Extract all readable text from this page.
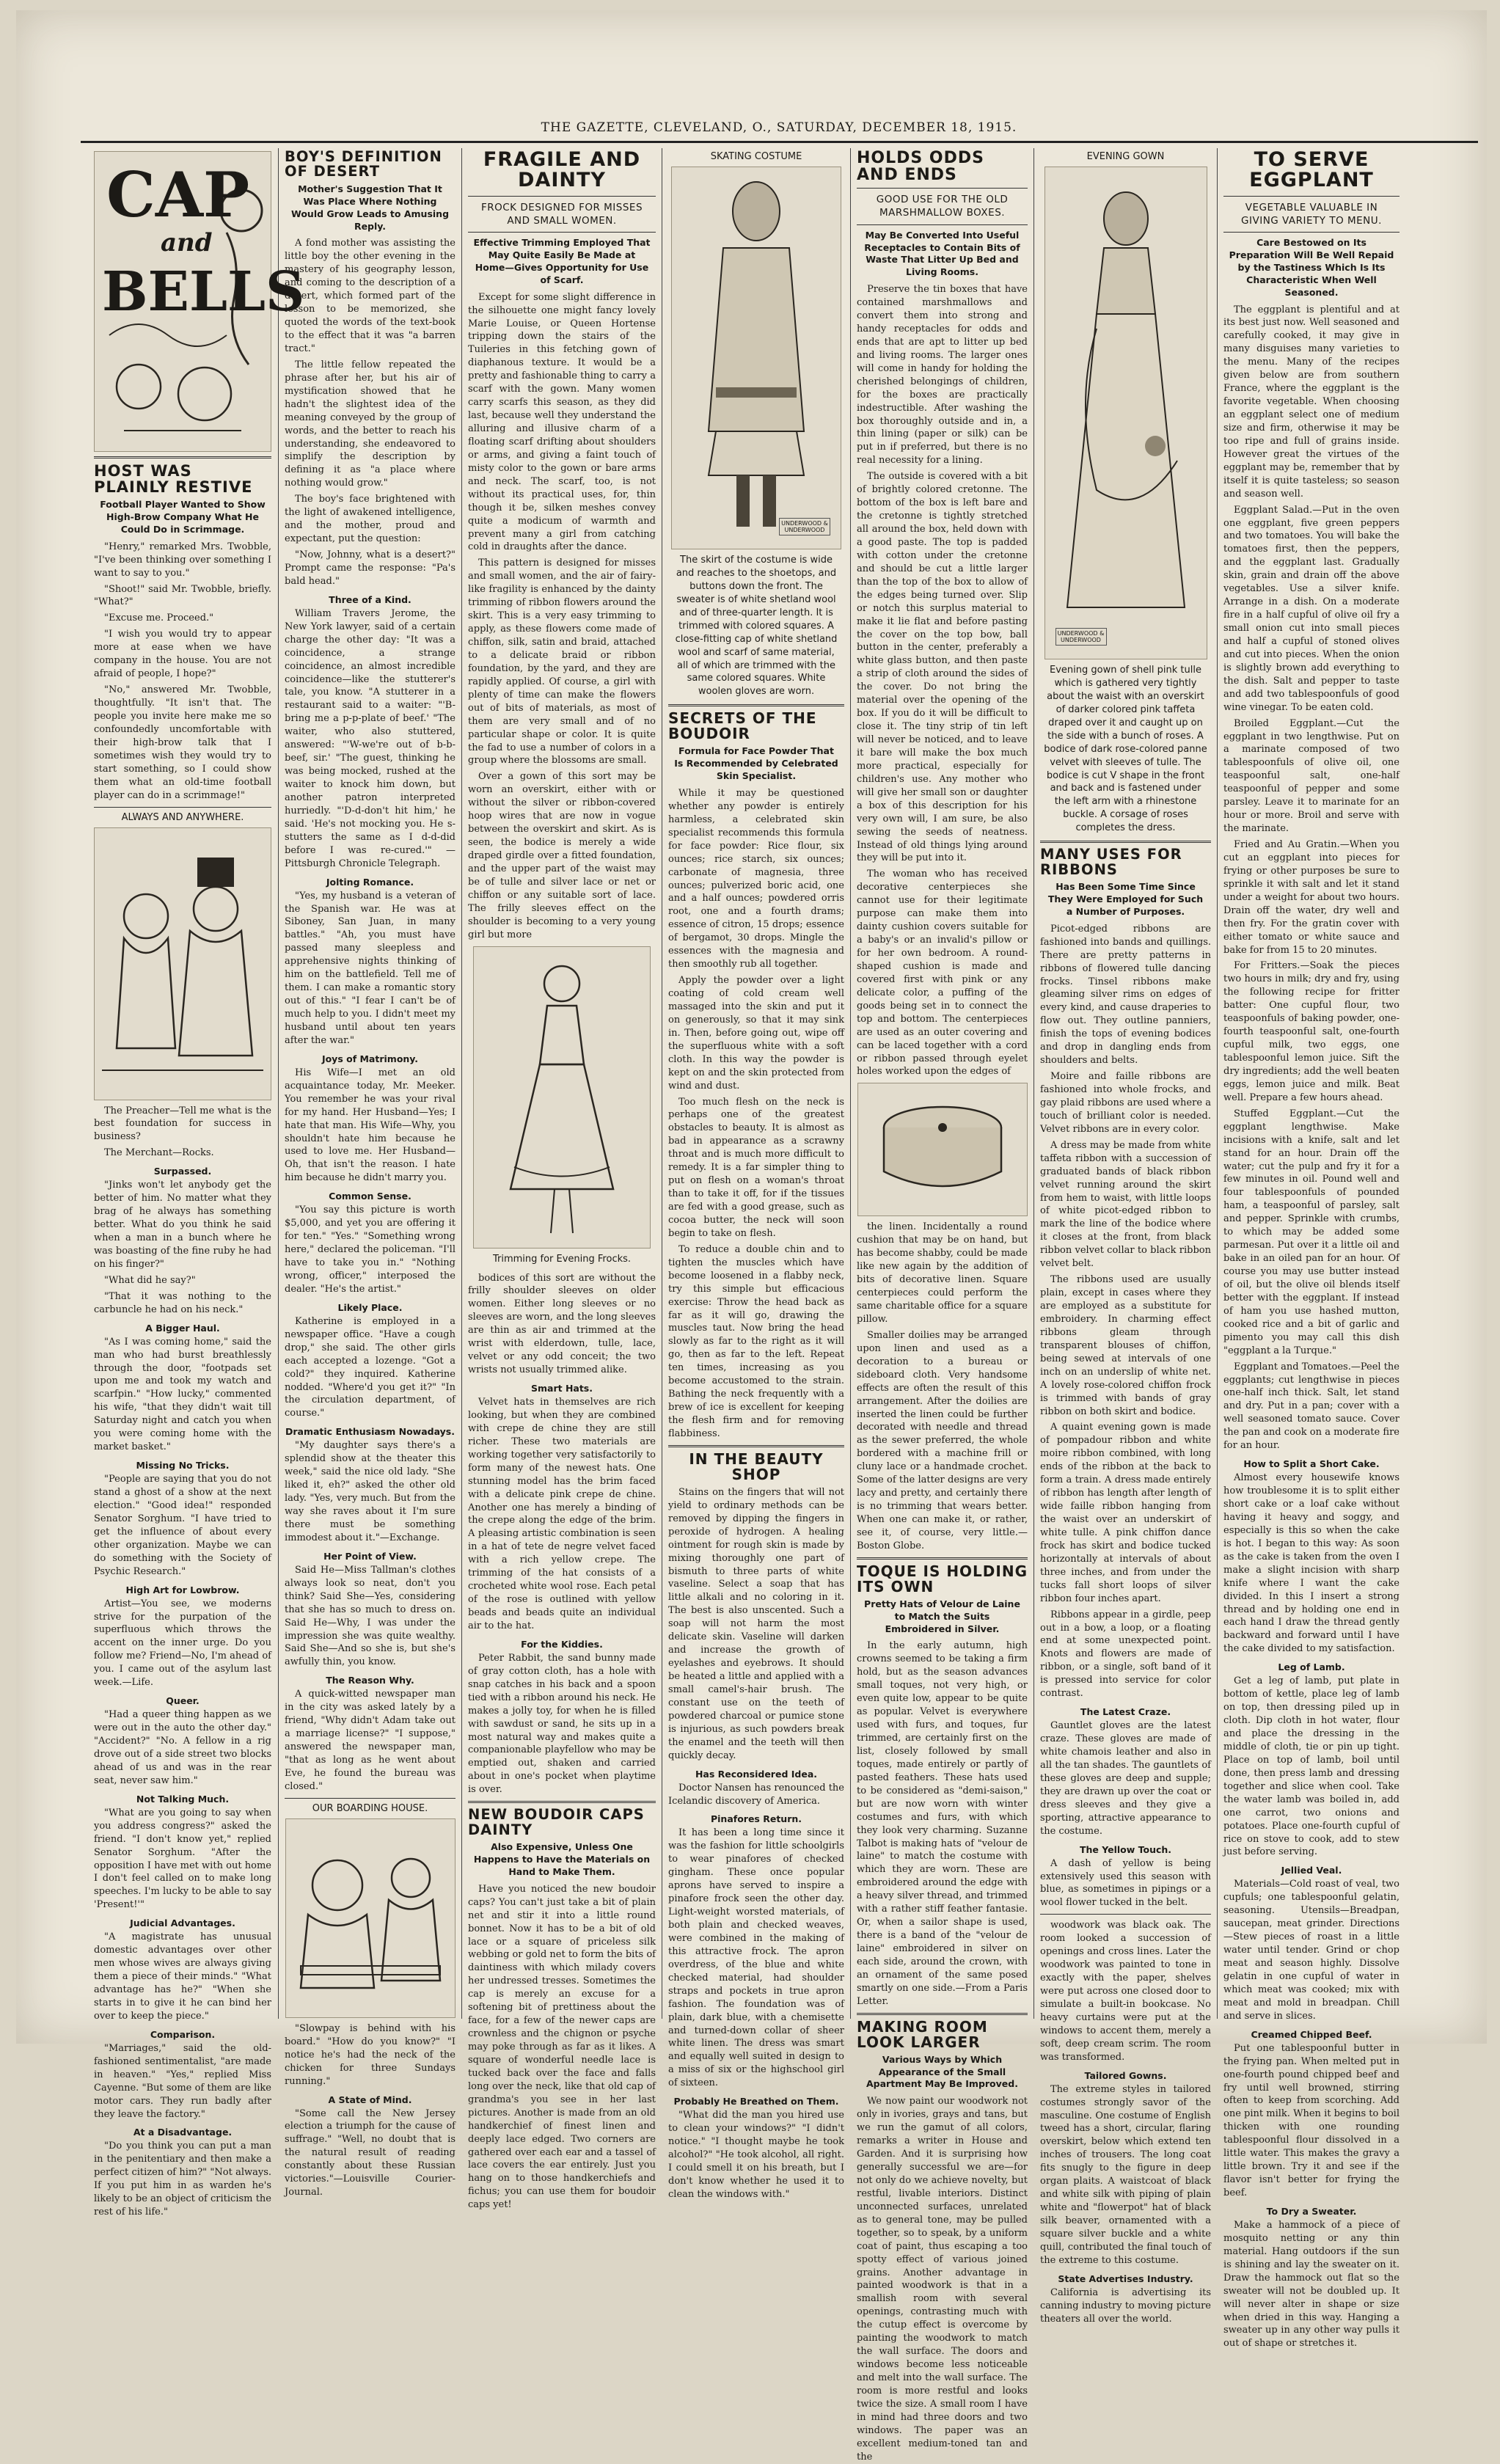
THE GAZETTE, CLEVELAND, O., SATURDAY, DECEMBER 18, 1915.
CAP
and
BELLS
HOST WAS PLAINLY RESTIVE
Football Player Wanted to Show High-Brow Company What He Could Do in Scrimmage.

"Henry," remarked Mrs. Twobble, "I've been thinking over something I want to say to you."

"Shoot!" said Mr. Twobble, briefly. "What?"

"Excuse me. Proceed."

"I wish you would try to appear more at ease when we have company in the house. You are not afraid of people, I hope?"

"No," answered Mr. Twobble, thoughtfully. "It isn't that. The people you invite here make me so confoundedly uncomfortable with their high-brow talk that I sometimes wish they would try to start something, so I could show them what an old-time football player can do in a scrimmage!"

ALWAYS AND ANYWHERE.

The Preacher—Tell me what is the best foundation for success in business?

The Merchant—Rocks.

Surpassed.

"Jinks won't let anybody get the better of him. No matter what they brag of he always has something better. What do you think he said when a man in a bunch where he was boasting of the fine ruby he had on his finger?"

"What did he say?"

"That it was nothing to the carbuncle he had on his neck."

A Bigger Haul.

"As I was coming home," said the man who had burst breathlessly through the door, "footpads set upon me and took my watch and scarfpin." "How lucky," commented his wife, "that they didn't wait till Saturday night and catch you when you were coming home with the market basket."

Missing No Tricks.

"People are saying that you do not stand a ghost of a show at the next election." "Good idea!" responded Senator Sorghum. "I have tried to get the influence of about every other organization. Maybe we can do something with the Society of Psychic Research."

High Art for Lowbrow.

Artist—You see, we moderns strive for the purpation of the superfluous which throws the accent on the inner urge. Do you follow me? Friend—No, I'm ahead of you. I came out of the asylum last week.—Life.

Queer.

"Had a queer thing happen as we were out in the auto the other day." "Accident?" "No. A fellow in a rig drove out of a side street two blocks ahead of us and was in the rear seat, never saw him."

Not Talking Much.

"What are you going to say when you address congress?" asked the friend. "I don't know yet," replied Senator Sorghum. "After the opposition I have met with out home I don't feel called on to make long speeches. I'm lucky to be able to say 'Present!'"

Judicial Advantages.

"A magistrate has unusual domestic advantages over other men whose wives are always giving them a piece of their minds." "What advantage has he?" "When she starts in to give it he can bind her over to keep the piece."

Comparison.

"Marriages," said the old-fashioned sentimentalist, "are made in heaven." "Yes," replied Miss Cayenne. "But some of them are like motor cars. They run badly after they leave the factory."

At a Disadvantage.

"Do you think you can put a man in the penitentiary and then make a perfect citizen of him?" "Not always. If you put him in as warden he's likely to be an object of criticism the rest of his life."

BOY'S DEFINITION OF DESERT
Mother's Suggestion That It Was Place Where Nothing Would Grow Leads to Amusing Reply.

A fond mother was assisting the little boy the other evening in the mastery of his geography lesson, and coming to the description of a desert, which formed part of the lesson to be memorized, she quoted the words of the text-book to the effect that it was "a barren tract."

The little fellow repeated the phrase after her, but his air of mystification showed that he hadn't the slightest idea of the meaning conveyed by the group of words, and the better to reach his understanding, she endeavored to simplify the description by defining it as "a place where nothing would grow."

The boy's face brightened with the light of awakened intelligence, and the mother, proud and expectant, put the question:

"Now, Johnny, what is a desert?" Prompt came the response: "Pa's bald head."

Three of a Kind.

William Travers Jerome, the New York lawyer, said of a certain charge the other day: "It was a coincidence, a strange coincidence, an almost incredible coincidence—like the stutterer's tale, you know. "A stutterer in a restaurant said to a waiter: "'B-bring me a p-p-plate of beef.' "The waiter, who also stuttered, answered: "'W-we're out of b-b-beef, sir.' "The guest, thinking he was being mocked, rushed at the waiter to knock him down, but another patron interpreted hurriedly. "'D-d-don't hit him,' he said. 'He's not mocking you. He s-stutters the same as I d-d-did before I was re-cured.'" — Pittsburgh Chronicle Telegraph.

Jolting Romance.

"Yes, my husband is a veteran of the Spanish war. He was at Siboney, San Juan, in many battles." "Ah, you must have passed many sleepless and apprehensive nights thinking of him on the battlefield. Tell me of them. I can make a romantic story out of this." "I fear I can't be of much help to you. I didn't meet my husband until about ten years after the war."

Joys of Matrimony.

His Wife—I met an old acquaintance today, Mr. Meeker. You remember he was your rival for my hand. Her Husband—Yes; I hate that man. His Wife—Why, you shouldn't hate him because he used to love me. Her Husband—Oh, that isn't the reason. I hate him because he didn't marry you.

Common Sense.

"You say this picture is worth $5,000, and yet you are offering it for ten." "Yes." "Something wrong here," declared the policeman. "I'll have to take you in." "Nothing wrong, officer," interposed the dealer. "He's the artist."

Likely Place.

Katherine is employed in a newspaper office. "Have a cough drop," she said. The other girls each accepted a lozenge. "Got a cold?" they inquired. Katherine nodded. "Where'd you get it?" "In the circulation department, of course."

Dramatic Enthusiasm Nowadays.

"My daughter says there's a splendid show at the theater this week," said the nice old lady. "She liked it, eh?" asked the other old lady. "Yes, very much. But from the way she raves about it I'm sure there must be something immodest about it."—Exchange.

Her Point of View.

Said He—Miss Tallman's clothes always look so neat, don't you think? Said She—Yes, considering that she has so much to dress on. Said He—Why, I was under the impression she was quite wealthy. Said She—And so she is, but she's awfully thin, you know.

The Reason Why.

A quick-witted newspaper man in the city was asked lately by a friend, "Why didn't Adam take out a marriage license?" "I suppose," answered the newspaper man, "that as long as he went about Eve, he found the bureau was closed."

OUR BOARDING HOUSE.

"Slowpay is behind with his board." "How do you know?" "I notice he's had the neck of the chicken for three Sundays running."

A State of Mind.

"Some call the New Jersey election a triumph for the cause of suffrage." "Well, no doubt that is the natural result of reading constantly about these Russian victories."—Louisville Courier-Journal.

FRAGILE AND DAINTY
FROCK DESIGNED FOR MISSES AND SMALL WOMEN.
Effective Trimming Employed That May Quite Easily Be Made at Home—Gives Opportunity for Use of Scarf.

Except for some slight difference in the silhouette one might fancy lovely Marie Louise, or Queen Hortense tripping down the stairs of the Tuileries in this fetching gown of diaphanous texture. It would be a pretty and fashionable thing to carry a scarf with the gown. Many women carry scarfs this season, as they did last, because well they understand the alluring and illusive charm of a floating scarf drifting about shoulders or arms, and giving a faint touch of misty color to the gown or bare arms and neck. The scarf, too, is not without its practical uses, for, thin though it be, silken meshes convey quite a modicum of warmth and prevent many a girl from catching cold in draughts after the dance.

This pattern is designed for misses and small women, and the air of fairy-like fragility is enhanced by the dainty trimming of ribbon flowers around the skirt. This is a very easy trimming to apply, as these flowers come made of chiffon, silk, satin and braid, attached to a delicate braid or ribbon foundation, by the yard, and they are rapidly applied. Of course, a girl with plenty of time can make the flowers out of bits of materials, as most of them are very small and of no particular shape or color. It is quite the fad to use a number of colors in a group where the blossoms are small.

Over a gown of this sort may be worn an overskirt, either with or without the silver or ribbon-covered hoop wires that are now in vogue between the overskirt and skirt. As is seen, the bodice is merely a wide draped girdle over a fitted foundation, and the upper part of the waist may be of tulle and silver lace or net or chiffon or any suitable sort of lace. The frilly sleeves effect on the shoulder is becoming to a very young girl but more

Trimming for Evening Frocks.

bodices of this sort are without the frilly shoulder sleeves on older women. Either long sleeves or no sleeves are worn, and the long sleeves are thin as air and trimmed at the wrist with elderdown, tulle, lace, velvet or any odd conceit; the two wrists not usually trimmed alike.

Smart Hats.

Velvet hats in themselves are rich looking, but when they are combined with crepe de chine they are still richer. These two materials are working together very satisfactorily to form many of the newest hats. One stunning model has the brim faced with a delicate pink crepe de chine. Another one has merely a binding of the crepe along the edge of the brim. A pleasing artistic combination is seen in a hat of tete de negre velvet faced with a rich yellow crepe. The trimming of the hat consists of a crocheted white wool rose. Each petal of the rose is outlined with yellow beads and beads quite an individual air to the hat.

For the Kiddies.

Peter Rabbit, the sand bunny made of gray cotton cloth, has a hole with snap catches in his back and a spoon tied with a ribbon around his neck. He makes a jolly toy, for when he is filled with sawdust or sand, he sits up in a most natural way and makes quite a companionable playfellow who may be emptied out, shaken and carried about in one's pocket when playtime is over.

NEW BOUDOIR CAPS DAINTY
Also Expensive, Unless One Happens to Have the Materials on Hand to Make Them.

Have you noticed the new boudoir caps? You can't just take a bit of plain net and stir it into a little round bonnet. Now it has to be a bit of old lace or a square of priceless silk webbing or gold net to form the bits of daintiness with which milady covers her undressed tresses. Sometimes the cap is merely an excuse for a softening bit of prettiness about the face, for a few of the newer caps are crownless and the chignon or psyche may poke through as far as it likes. A square of wonderful needle lace is tucked back over the face and falls long over the neck, like that old cap of grandma's you see in her last pictures. Another is made from an old handkerchief of finest linen and deeply lace edged. Two corners are gathered over each ear and a tassel of lace covers the ear entirely. Just you hang on to those handkerchiefs and fichus; you can use them for boudoir caps yet!

SKATING COSTUME
UNDERWOOD & UNDERWOOD
The skirt of the costume is wide and reaches to the shoetops, and buttons down the front. The sweater is of white shetland wool and of three-quarter length. It is trimmed with colored squares. A close-fitting cap of white shetland wool and scarf of same material, all of which are trimmed with the same colored squares. White woolen gloves are worn.
SECRETS OF THE BOUDOIR
Formula for Face Powder That Is Recommended by Celebrated Skin Specialist.

While it may be questioned whether any powder is entirely harmless, a celebrated skin specialist recommends this formula for face powder: Rice flour, six ounces; rice starch, six ounces; carbonate of magnesia, three ounces; pulverized boric acid, one and a half ounces; powdered orris root, one and a fourth drams; essence of citron, 15 drops; essence of bergamot, 30 drops. Mingle the essences with the magnesia and then smoothly rub all together.

Apply the powder over a light coating of cold cream well massaged into the skin and put it on generously, so that it may sink in. Then, before going out, wipe off the superfluous white with a soft cloth. In this way the powder is kept on and the skin protected from wind and dust.

Too much flesh on the neck is perhaps one of the greatest obstacles to beauty. It is almost as bad in appearance as a scrawny throat and is much more difficult to remedy. It is a far simpler thing to put on flesh on a woman's throat than to take it off, for if the tissues are fed with a good grease, such as cocoa butter, the neck will soon begin to take on flesh.

To reduce a double chin and to tighten the muscles which have become loosened in a flabby neck, try this simple but efficacious exercise: Throw the head back as far as it will go, drawing the muscles taut. Now bring the head slowly as far to the right as it will go, then as far to the left. Repeat ten times, increasing as you become accustomed to the strain. Bathing the neck frequently with a brew of ice is excellent for keeping the flesh firm and for removing flabbiness.

IN THE BEAUTY SHOP

Stains on the fingers that will not yield to ordinary methods can be removed by dipping the fingers in peroxide of hydrogen. A healing ointment for rough skin is made by mixing thoroughly one part of bismuth to three parts of white vaseline. Select a soap that has little alkali and no coloring in it. The best is also unscented. Such a soap will not harm the most delicate skin. Vaseline will darken and increase the growth of eyelashes and eyebrows. It should be heated a little and applied with a small camel's-hair brush. The constant use on the teeth of powdered charcoal or pumice stone is injurious, as such powders break the enamel and the teeth will then quickly decay.

Has Reconsidered Idea.

Doctor Nansen has renounced the Icelandic discovery of America.

Pinafores Return.

It has been a long time since it was the fashion for little schoolgirls to wear pinafores of checked gingham. These once popular aprons have served to inspire a pinafore frock seen the other day. Light-weight worsted materials, of both plain and checked weaves, were combined in the making of this attractive frock. The apron overdress, of the blue and white checked material, had shoulder straps and pockets in true apron fashion. The foundation was of plain, dark blue, with a chemisette and turned-down collar of sheer white linen. The dress was smart and equally well suited in design to a miss of six or the highschool girl of sixteen.

Probably He Breathed on Them.

"What did the man you hired use to clean your windows?" "I didn't notice." "I thought maybe he took alcohol?" "He took alcohol, all right. I could smell it on his breath, but I don't know whether he used it to clean the windows with."

HOLDS ODDS AND ENDS
GOOD USE FOR THE OLD MARSHMALLOW BOXES.
May Be Converted Into Useful Receptacles to Contain Bits of Waste That Litter Up Bed and Living Rooms.

Preserve the tin boxes that have contained marshmallows and convert them into strong and handy receptacles for odds and ends that are apt to litter up bed and living rooms. The larger ones will come in handy for holding the cherished belongings of children, for the boxes are practically indestructible. After washing the box thoroughly outside and in, a thin lining (paper or silk) can be put in if preferred, but there is no real necessity for a lining.

The outside is covered with a bit of brightly colored cretonne. The bottom of the box is left bare and the cretonne is tightly stretched all around the box, held down with a good paste. The top is padded with cotton under the cretonne and should be cut a little larger than the top of the box to allow of the edges being turned over. Slip or notch this surplus material to make it lie flat and before pasting the cover on the top bow, ball button in the center, preferably a white glass button, and then paste a strip of cloth around the sides of the cover. Do not bring the material over the opening of the box. If you do it will be difficult to close it. The tiny strip of tin left will never be noticed, and to leave it bare will make the box much more practical, especially for children's use. Any mother who will give her small son or daughter a box of this description for his very own will, I am sure, be also sewing the seeds of neatness. Instead of old things lying around they will be put into it.

The woman who has received decorative centerpieces she cannot use for their legitimate purpose can make them into dainty cushion covers suitable for a baby's or an invalid's pillow or for her own bedroom. A round-shaped cushion is made and covered first with pink or any delicate color, a puffing of the goods being set in to connect the top and bottom. The centerpieces are used as an outer covering and can be laced together with a cord or ribbon passed through eyelet holes worked upon the edges of

the linen. Incidentally a round cushion that may be on hand, but has become shabby, could be made like new again by the addition of bits of decorative linen. Square centerpieces could perform the same charitable office for a square pillow.

Smaller doilies may be arranged upon linen and used as a decoration to a bureau or sideboard cloth. Very handsome effects are often the result of this arrangement. After the doilies are inserted the linen could be further decorated with needle and thread as the sewer preferred, the whole bordered with a machine frill or cluny lace or a handmade crochet. Some of the latter designs are very lacy and pretty, and certainly there is no trimming that wears better. When one can make it, or rather, see it, of course, very little.—Boston Globe.

TOQUE IS HOLDING ITS OWN
Pretty Hats of Velour de Laine to Match the Suits Embroidered in Silver.

In the early autumn, high crowns seemed to be taking a firm hold, but as the season advances small toques, not very high, or even quite low, appear to be quite as popular. Velvet is everywhere used with furs, and toques, fur trimmed, are certainly first on the list, closely followed by small toques, made entirely or partly of pasted feathers. These hats used to be considered as "demi-saison," but are now worn with winter costumes and furs, with which they look very charming. Suzanne Talbot is making hats of "velour de laine" to match the costume with which they are worn. These are embroidered around the edge with a heavy silver thread, and trimmed with a rather stiff feather fantasie. Or, when a sailor shape is used, there is a band of the "velour de laine" embroidered in silver on each side, around the crown, with an ornament of the same posed smartly on one side.—From a Paris Letter.

MAKING ROOM LOOK LARGER
Various Ways by Which Appearance of the Small Apartment May Be Improved.

We now paint our woodwork not only in ivories, grays and tans, but we run the gamut of all colors, remarks a writer in House and Garden. And it is surprising how generally successful we are—for not only do we achieve novelty, but restful, livable interiors. Distinct unconnected surfaces, unrelated as to general tone, may be pulled together, so to speak, by a uniform coat of paint, thus escaping a too spotty effect of various joined grains. Another advantage in painted woodwork is that in a smallish room with several openings, contrasting much with the cutup effect is overcome by painting the woodwork to match the wall surface. The doors and windows become less noticeable and melt into the wall surface. The room is more restful and looks twice the size. A small room I have in mind had three doors and two windows. The paper was an excellent medium-toned tan and the

EVENING GOWN
UNDERWOOD & UNDERWOOD
Evening gown of shell pink tulle which is gathered very tightly about the waist with an overskirt of darker colored pink taffeta draped over it and caught up on the side with a bunch of roses. A bodice of dark rose-colored panne velvet with sleeves of tulle. The bodice is cut V shape in the front and back and is fastened under the left arm with a rhinestone buckle. A corsage of roses completes the dress.
MANY USES FOR RIBBONS
Has Been Some Time Since They Were Employed for Such a Number of Purposes.

Picot-edged ribbons are fashioned into bands and quillings. There are pretty patterns in ribbons of flowered tulle dancing frocks. Tinsel ribbons make gleaming silver rims on edges of every kind, and cause draperies to flow out. They outline panniers, finish the tops of evening bodices and drop in dangling ends from shoulders and belts.

Moire and faille ribbons are fashioned into whole frocks, and gay plaid ribbons are used where a touch of brilliant color is needed. Velvet ribbons are in every color.

A dress may be made from white taffeta ribbon with a succession of graduated bands of black ribbon velvet running around the skirt from hem to waist, with little loops of white picot-edged ribbon to mark the line of the bodice where it closes at the front, from black ribbon velvet collar to black ribbon velvet belt.

The ribbons used are usually plain, except in cases where they are employed as a substitute for embroidery. In charming effect ribbons gleam through transparent blouses of chiffon, being sewed at intervals of one inch on an underslip of white net. A lovely rose-colored chiffon frock is trimmed with bands of gray ribbon on both skirt and bodice.

A quaint evening gown is made of pompadour ribbon and white moire ribbon combined, with long ends of the ribbon at the back to form a train. A dress made entirely of ribbon has length after length of wide faille ribbon hanging from the waist over an underskirt of white tulle. A pink chiffon dance frock has skirt and bodice tucked horizontally at intervals of about three inches, and from under the tucks fall short loops of silver ribbon four inches apart.

Ribbons appear in a girdle, peep out in a bow, a loop, or a floating end at some unexpected point. Knots and flowers are made of ribbon, or a single, soft band of it is pressed into service for color contrast.

The Latest Craze.

Gauntlet gloves are the latest craze. These gloves are made of white chamois leather and also in all the tan shades. The gauntlets of these gloves are deep and supple; they are drawn up over the coat or dress sleeves and they give a sporting, attractive appearance to the costume.

The Yellow Touch.

A dash of yellow is being extensively used this season with blue, as sometimes in pipings or a wool flower tucked in the belt.

woodwork was black oak. The room looked a succession of openings and cross lines. Later the woodwork was painted to tone in exactly with the paper, shelves were put across one closed door to simulate a built-in bookcase. No heavy curtains were put at the windows to accent them, merely a soft, deep cream scrim. The room was transformed.

Tailored Gowns.

The extreme styles in tailored costumes strongly savor of the masculine. One costume of English tweed has a short, circular, flaring overskirt, below which extend ten inches of trousers. The long coat fits snugly to the figure in deep organ plaits. A waistcoat of black and white silk with piping of plain white and "flowerpot" hat of black silk beaver, ornamented with a square silver buckle and a white quill, contributed the final touch of the extreme to this costume.

State Advertises Industry.

California is advertising its canning industry to moving picture theaters all over the world.

TO SERVE EGGPLANT
VEGETABLE VALUABLE IN GIVING VARIETY TO MENU.
Care Bestowed on Its Preparation Will Be Well Repaid by the Tastiness Which Is Its Characteristic When Well Seasoned.

The eggplant is plentiful and at its best just now. Well seasoned and carefully cooked, it may give in many disguises many varieties to the menu. Many of the recipes given below are from southern France, where the eggplant is the favorite vegetable. When choosing an eggplant select one of medium size and firm, otherwise it may be too ripe and full of grains inside. However great the virtues of the eggplant may be, remember that by itself it is quite tasteless; so season and season well.

Eggplant Salad.—Put in the oven one eggplant, five green peppers and two tomatoes. You will bake the tomatoes first, then the peppers, and the eggplant last. Gradually skin, grain and drain off the above vegetables. Use a silver knife. Arrange in a dish. On a moderate fire in a half cupful of olive oil fry a small onion cut into small pieces and half a cupful of stoned olives and cut into pieces. When the onion is slightly brown add everything to the dish. Salt and pepper to taste and add two tablespoonfuls of good wine vinegar. To be eaten cold.

Broiled Eggplant.—Cut the eggplant in two lengthwise. Put on a marinate composed of two tablespoonfuls of olive oil, one teaspoonful salt, one-half teaspoonful of pepper and some parsley. Leave it to marinate for an hour or more. Broil and serve with the marinate.

Fried and Au Gratin.—When you cut an eggplant into pieces for frying or other purposes be sure to sprinkle it with salt and let it stand under a weight for about two hours. Drain off the water, dry well and then fry. For the gratin cover with either tomato or white sauce and bake for from 15 to 20 minutes.

For Fritters.—Soak the pieces two hours in milk; dry and fry, using the following recipe for fritter batter: One cupful flour, two teaspoonfuls of baking powder, one-fourth teaspoonful salt, one-fourth cupful milk, two eggs, one tablespoonful lemon juice. Sift the dry ingredients; add the well beaten eggs, lemon juice and milk. Beat well. Prepare a few hours ahead.

Stuffed Eggplant.—Cut the eggplant lengthwise. Make incisions with a knife, salt and let stand for an hour. Drain off the water; cut the pulp and fry it for a few minutes in oil. Pound well and four tablespoonfuls of pounded ham, a teaspoonful of parsley, salt and pepper. Sprinkle with crumbs, to which may be added some parmesan. Put over it a little oil and bake in an oiled pan for an hour. Of course you may use butter instead of oil, but the olive oil blends itself better with the eggplant. If instead of ham you use hashed mutton, cooked rice and a bit of garlic and pimento you may call this dish "eggplant a la Turque."

Eggplant and Tomatoes.—Peel the eggplants; cut lengthwise in pieces one-half inch thick. Salt, let stand and dry. Put in a pan; cover with a well seasoned tomato sauce. Cover the pan and cook on a moderate fire for an hour.

How to Split a Short Cake.

Almost every housewife knows how troublesome it is to split either short cake or a loaf cake without having it heavy and soggy, and especially is this so when the cake is hot. I began to this way: As soon as the cake is taken from the oven I make a slight incision with sharp knife where I want the cake divided. In this I insert a strong thread and by holding one end in each hand I draw the thread gently backward and forward until I have the cake divided to my satisfaction.

Leg of Lamb.

Get a leg of lamb, put plate in bottom of kettle, place leg of lamb on top, then dressing piled up in cloth. Dip cloth in hot water, flour and place the dressing in the middle of cloth, tie or pin up tight. Place on top of lamb, boil until done, then press lamb and dressing together and slice when cool. Take the water lamb was boiled in, add one carrot, two onions and potatoes. Place one-fourth cupful of rice on stove to cook, add to stew just before serving.

Jellied Veal.

Materials—Cold roast of veal, two cupfuls; one tablespoonful gelatin, seasoning. Utensils—Breadpan, saucepan, meat grinder. Directions—Stew pieces of roast in a little water until tender. Grind or chop meat and season highly. Dissolve gelatin in one cupful of water in which meat was cooked; mix with meat and mold in breadpan. Chill and serve in slices.

Creamed Chipped Beef.

Put one tablespoonful butter in the frying pan. When melted put in one-fourth pound chipped beef and fry until well browned, stirring often to keep from scorching. Add one pint milk. When it begins to boil thicken with one rounding tablespoonful flour dissolved in a little water. This makes the gravy a little brown. Try it and see if the flavor isn't better for frying the beef.

To Dry a Sweater.

Make a hammock of a piece of mosquito netting or any thin material. Hang outdoors if the sun is shining and lay the sweater on it. Draw the hammock out flat so the sweater will not be doubled up. It will never alter in shape or size when dried in this way. Hanging a sweater up in any other way pulls it out of shape or stretches it.
